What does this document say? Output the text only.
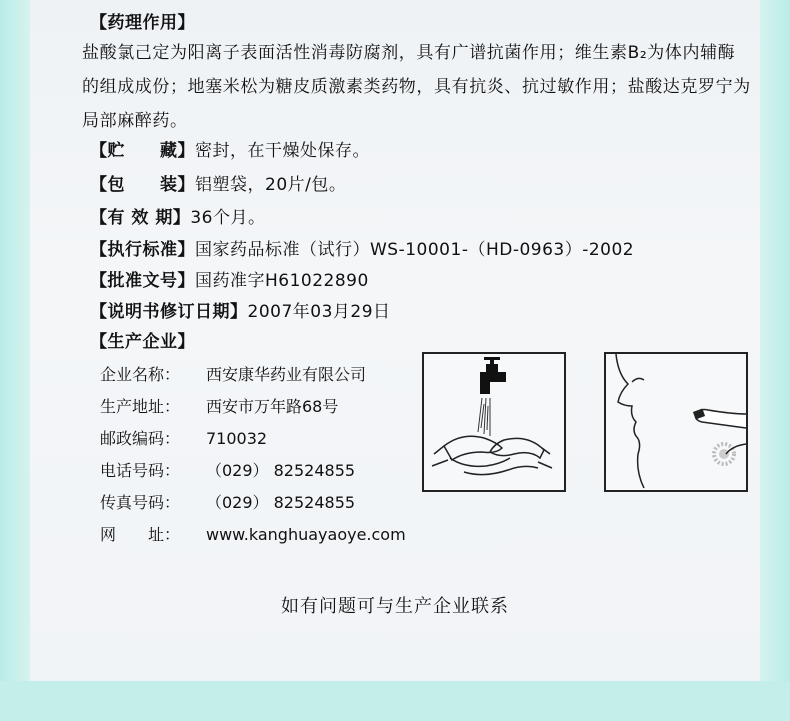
【药理作用】
盐酸氯己定为阳离子表面活性消毒防腐剂，具有广谱抗菌作用；维生素B₂为体内辅酶的组成成份；地塞米松为糖皮质激素类药物，具有抗炎、抗过敏作用；盐酸达克罗宁为局部麻醉药。
【贮　　藏】密封，在干燥处保存。
【包　　装】铝塑袋，20片/包。
【有 效 期】36个月。
【执行标准】国家药品标准（试行）WS-10001-（HD-0963）-2002
【批准文号】国药准字H61022890
【说明书修订日期】2007年03月29日
【生产企业】
企业名称： 西安康华药业有限公司
生产地址： 西安市万年路68号
邮政编码： 710032
电话号码： （029） 82524855
传真号码： （029） 82524855
网　　址： www.kanghuayaoye.com
如有问题可与生产企业联系
